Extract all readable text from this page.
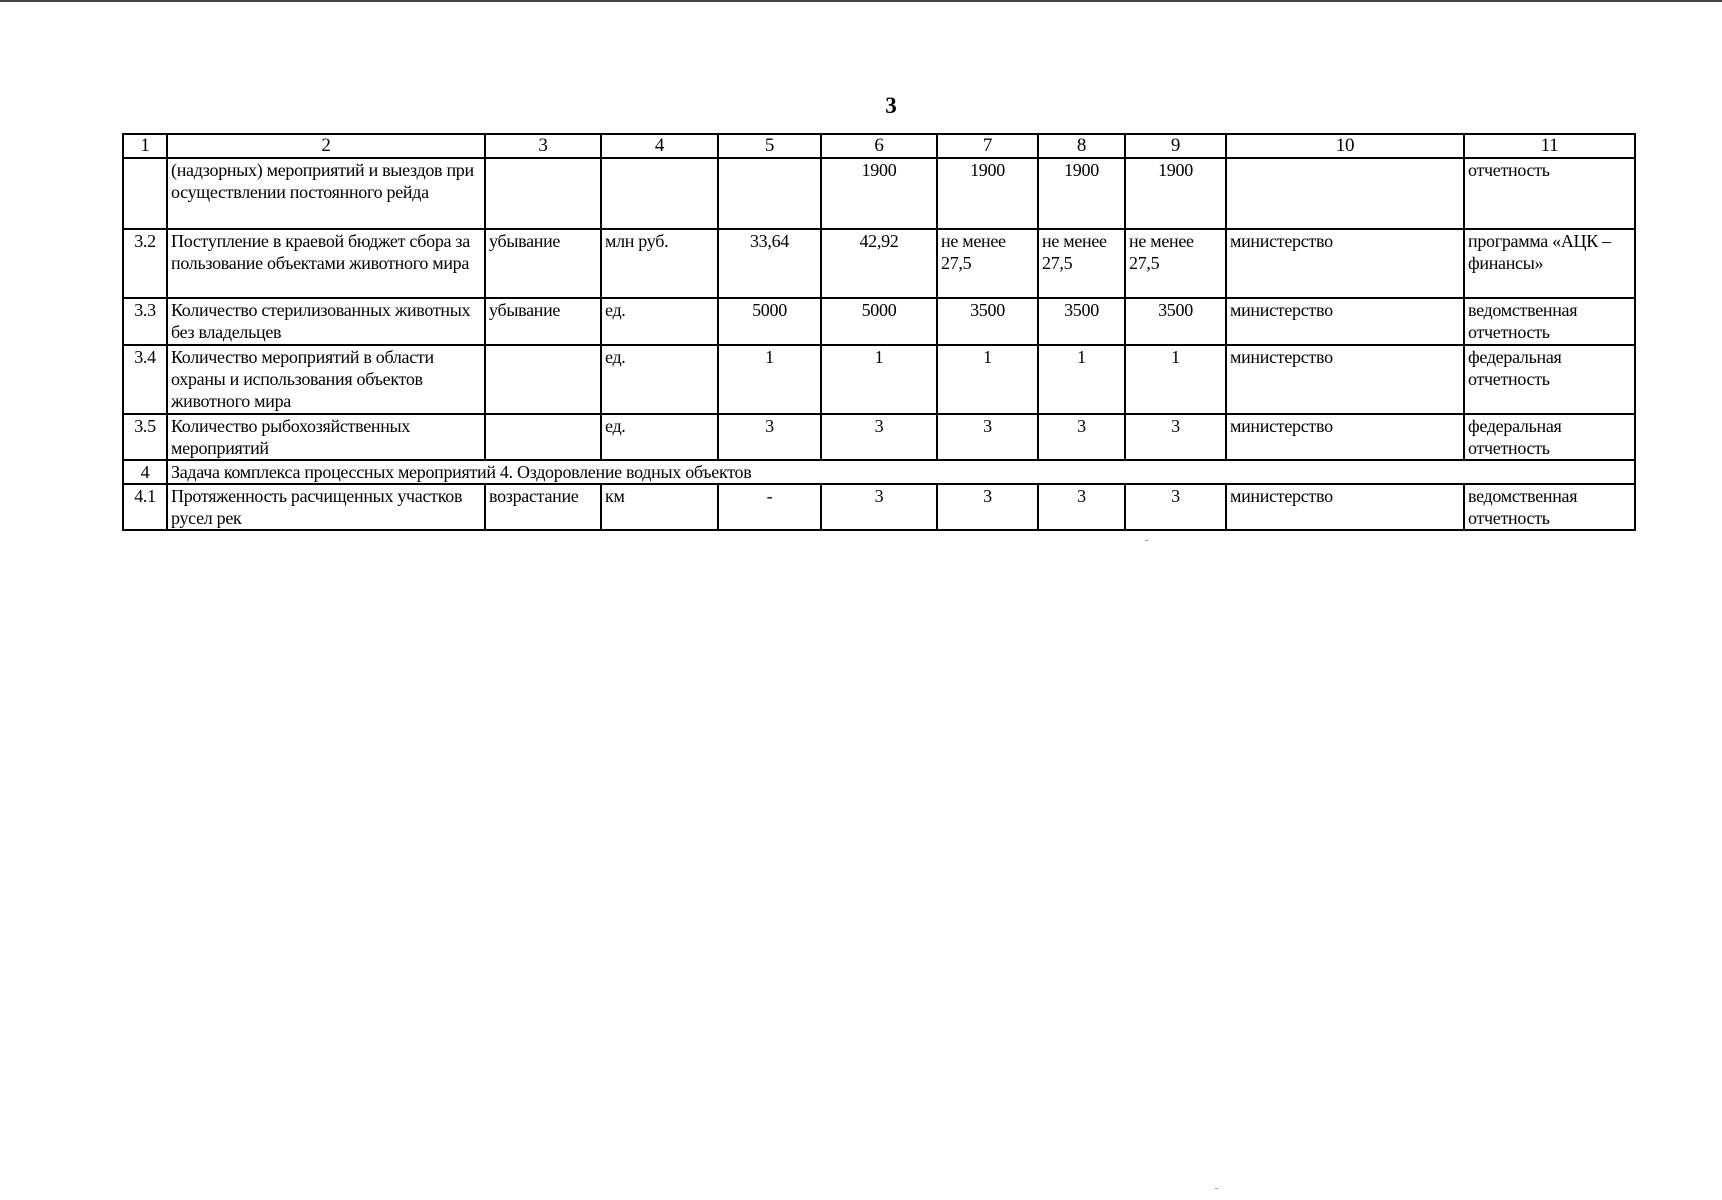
3
1	2	3	4	5	6	7	8	9	10	11
	(надзорных) мероприятий и выездов при осуществлении постоянного рейда				1900	1900	1900	1900		отчетность
3.2	Поступление в краевой бюджет сбора за пользование объектами животного мира	убывание	млн руб.	33,64	42,92	не менее 27,5	не менее 27,5	не менее 27,5	министерство	программа «АЦК – финансы»
3.3	Количество стерилизованных животных без владельцев	убывание	ед.	5000	5000	3500	3500	3500	министерство	ведомственная отчетность
3.4	Количество мероприятий в области охраны и использования объектов животного мира		ед.	1	1	1	1	1	министерство	федеральная отчетность
3.5	Количество рыбохозяйственных мероприятий		ед.	3	3	3	3	3	министерство	федеральная отчетность
4	Задача комплекса процессных мероприятий 4. Оздоровление водных объектов									
4.1	Протяженность расчищенных участков русел рек	возрастание	км	-	3	3	3	3	министерство	ведомственная отчетность
